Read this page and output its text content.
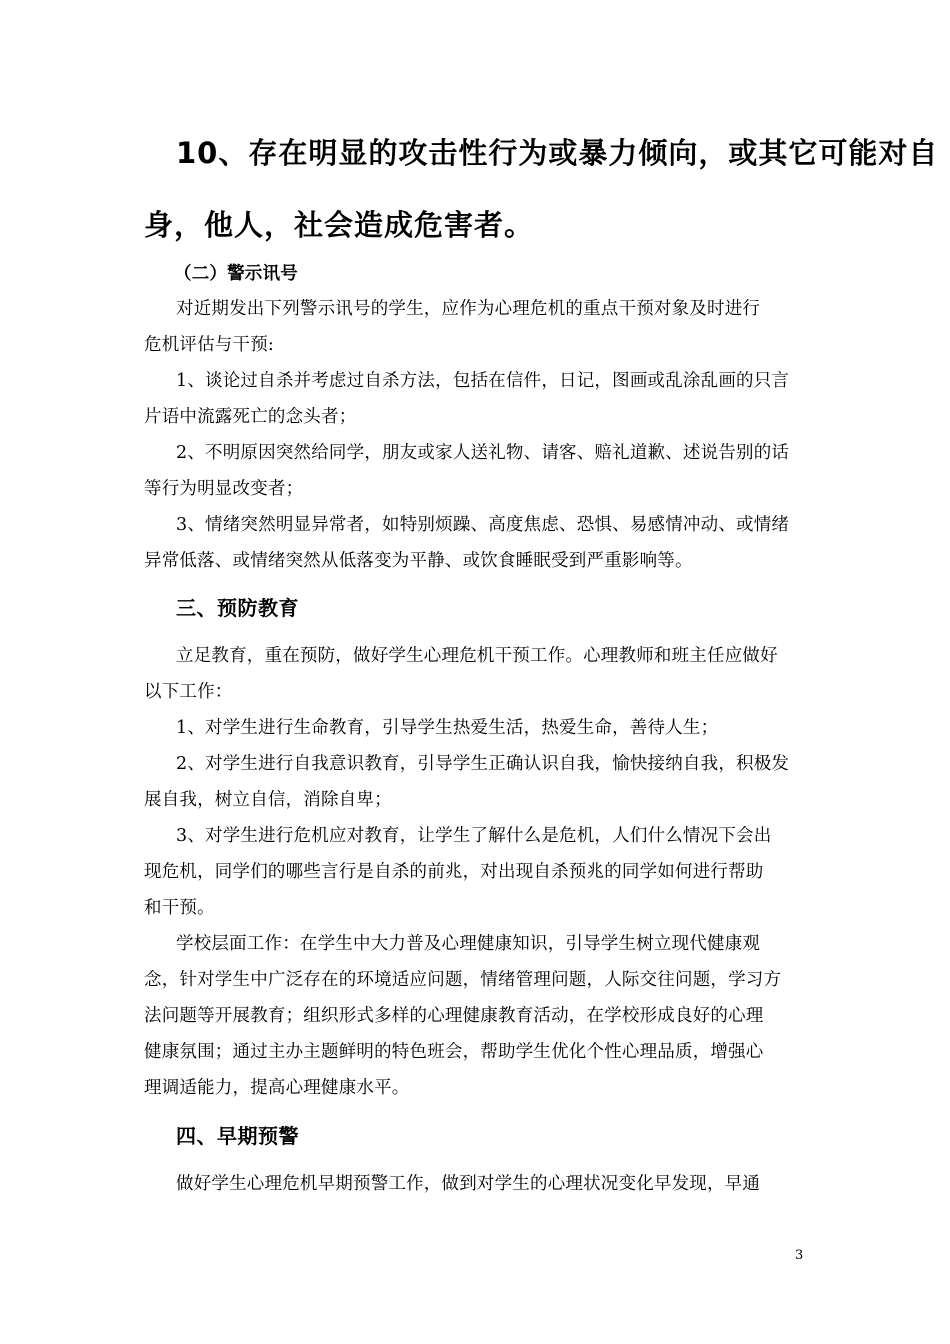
10、存在明显的攻击性行为或暴力倾向，或其它可能对自
身，他人，社会造成危害者。
（二）警示讯号
对近期发出下列警示讯号的学生，应作为心理危机的重点干预对象及时进行
危机评估与干预:
1、谈论过自杀并考虑过自杀方法，包括在信件，日记，图画或乱涂乱画的只言
片语中流露死亡的念头者；
2、不明原因突然给同学，朋友或家人送礼物、请客、赔礼道歉、述说告别的话
等行为明显改变者；
3、情绪突然明显异常者，如特别烦躁、高度焦虑、恐惧、易感情冲动、或情绪
异常低落、或情绪突然从低落变为平静、或饮食睡眠受到严重影响等。
三、预防教育
立足教育，重在预防，做好学生心理危机干预工作。心理教师和班主任应做好
以下工作：
1、对学生进行生命教育，引导学生热爱生活，热爱生命，善待人生；
2、对学生进行自我意识教育，引导学生正确认识自我，愉快接纳自我，积极发
展自我，树立自信，消除自卑；
3、对学生进行危机应对教育，让学生了解什么是危机，人们什么情况下会出
现危机，同学们的哪些言行是自杀的前兆，对出现自杀预兆的同学如何进行帮助
和干预。
学校层面工作：在学生中大力普及心理健康知识，引导学生树立现代健康观
念，针对学生中广泛存在的环境适应问题，情绪管理问题，人际交往问题，学习方
法问题等开展教育；组织形式多样的心理健康教育活动，在学校形成良好的心理
健康氛围；通过主办主题鲜明的特色班会，帮助学生优化个性心理品质，增强心
理调适能力，提高心理健康水平。
四、早期预警
做好学生心理危机早期预警工作，做到对学生的心理状况变化早发现，早通
3
